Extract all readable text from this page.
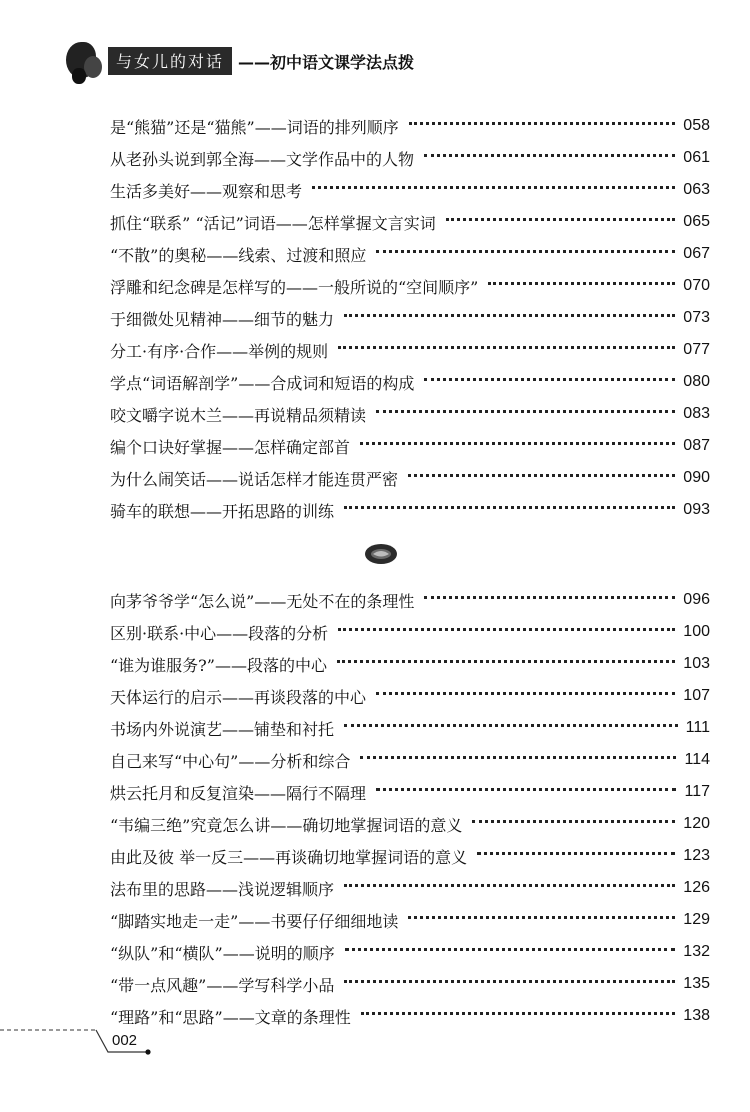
与女儿的对话 ——初中语文课学法点拨
是“熊猫”还是“猫熊”——词语的排列顺序	058
从老孙头说到郭全海——文学作品中的人物	061
生活多美好——观察和思考	063
抓住“联系” “活记”词语——怎样掌握文言实词	065
“不散”的奥秘——线索、过渡和照应	067
浮雕和纪念碑是怎样写的——一般所说的“空间顺序”	070
于细微处见精神——细节的魅力	073
分工·有序·合作——举例的规则	077
学点“词语解剖学”——合成词和短语的构成	080
咬文嚼字说木兰——再说精品须精读	083
编个口诀好掌握——怎样确定部首	087
为什么闹笑话——说话怎样才能连贯严密	090
骑车的联想——开拓思路的训练	093
向茅爷爷学“怎么说”——无处不在的条理性	096
区别·联系·中心——段落的分析	100
“谁为谁服务?”——段落的中心	103
天体运行的启示——再谈段落的中心	107
书场内外说演艺——铺垫和衬托	111
自己来写“中心句”——分析和综合	114
烘云托月和反复渲染——隔行不隔理	117
“韦编三绝”究竟怎么讲——确切地掌握词语的意义	120
由此及彼 举一反三——再谈确切地掌握词语的意义	123
法布里的思路——浅说逻辑顺序	126
“脚踏实地走一走”——书要仔仔细细地读	129
“纵队”和“横队”——说明的顺序	132
“带一点风趣”——学写科学小品	135
“理路”和“思路”——文章的条理性	138
002
